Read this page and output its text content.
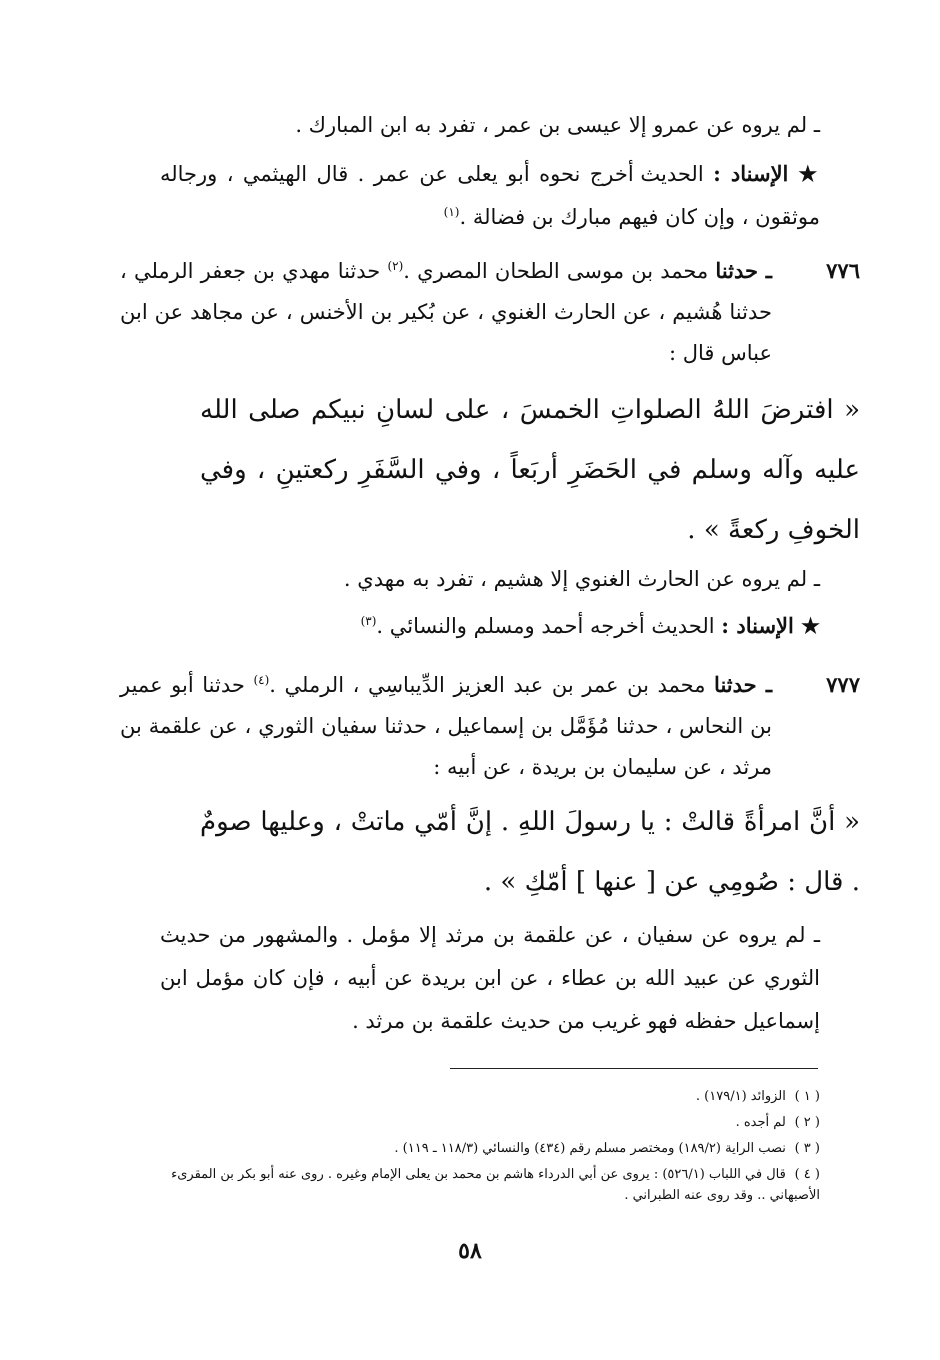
ـ لم يروه عن عمرو إلا عيسى بن عمر ، تفرد به ابن المبارك .
★ الإسناد : الحديث أخرج نحوه أبو يعلى عن عمر . قال الهيثمي ، ورجاله موثقون ، وإن كان فيهم مبارك بن فضالة .$^{(١)}$
٧٧٦
ـ حدثنا محمد بن موسى الطحان المصري .$^{(٢)}$ حدثنا مهدي بن جعفر الرملي ، حدثنا هُشيم ، عن الحارث الغنوي ، عن بُكير بن الأخنس ، عن مجاهد عن ابن عباس قال :
« افترضَ اللهُ الصلواتِ الخمسَ ، على لسانِ نبيكم صلى الله عليه وآله وسلم في الحَضَرِ أربَعاً ، وفي السَّفَرِ ركعتينِ ، وفي الخوفِ ركعةً » .
ـ لم يروه عن الحارث الغنوي إلا هشيم ، تفرد به مهدي .
★ الإسناد : الحديث أخرجه أحمد ومسلم والنسائي .$^{(٣)}$
٧٧٧
ـ حدثنا محمد بن عمر بن عبد العزيز الدِّيباسِي ، الرملي .$^{(٤)}$ حدثنا أبو عمير بن النحاس ، حدثنا مُؤَمَّل بن إسماعيل ، حدثنا سفيان الثوري ، عن علقمة بن مرثد ، عن سليمان بن بريدة ، عن أبيه :
« أنَّ امرأةً قالتْ : يا رسولَ اللهِ . إنَّ أمّي ماتتْ ، وعليها صومٌ . قال : صُومِي عن [ عنها ] أمّكِ » .
ـ لم يروه عن سفيان ، عن علقمة بن مرثد إلا مؤمل . والمشهور من حديث الثوري عن عبيد الله بن عطاء ، عن ابن بريدة عن أبيه ، فإن كان مؤمل ابن إسماعيل حفظه فهو غريب من حديث علقمة بن مرثد .
( ١ ) الزوائد (١٧٩/١) .
( ٢ ) لم أجده .
( ٣ ) نصب الراية (١٨٩/٢) ومختصر مسلم رقم (٤٣٤) والنسائي (١١٨/٣ ـ ١١٩) .
( ٤ ) قال في اللباب (٥٢٦/١) : يروى عن أبي الدرداء هاشم بن محمد بن يعلى الإمام وغيره . روى عنه أبو بكر بن المقرىء الأصبهاني .. وقد روى عنه الطبراني .
٥٨
